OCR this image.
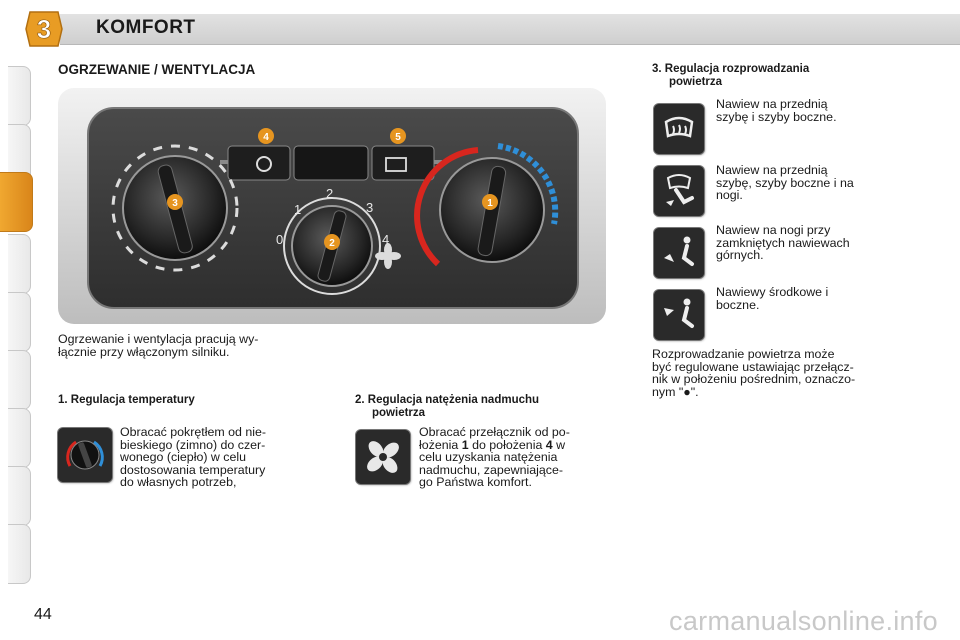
3 KOMFORT
OGRZEWANIE / WENTYLACJA
0
1
2
3
4
3
2
1
4	5
Ogrzewanie i wentylacja pracują wy-
łącznie przy włączonym silniku.
1. Regulacja temperatury
Obracać pokrętłem od nie-
bieskiego (zimno) do czer-
wonego (ciepło) w celu
dostosowania temperatury
do własnych potrzeb,
2. Regulacja natężenia nadmuchu
powietrza
Obracać przełącznik od po-
łożenia 1 do położenia 4 w
celu uzyskania natężenia
nadmuchu, zapewniające-
go Państwa komfort.
3. Regulacja rozprowadzania
powietrza
Nawiew na przednią
szybę i szyby boczne.
Nawiew na przednią
szybę, szyby boczne i na
nogi.
Nawiew na nogi przy
zamkniętych nawiewach
górnych.
Nawiewy środkowe i
boczne.
Rozprowadzanie powietrza może
być regulowane ustawiając przełącz-
nik w położeniu pośrednim, oznaczo-
nym "●".
44	carmanualsonline.info
